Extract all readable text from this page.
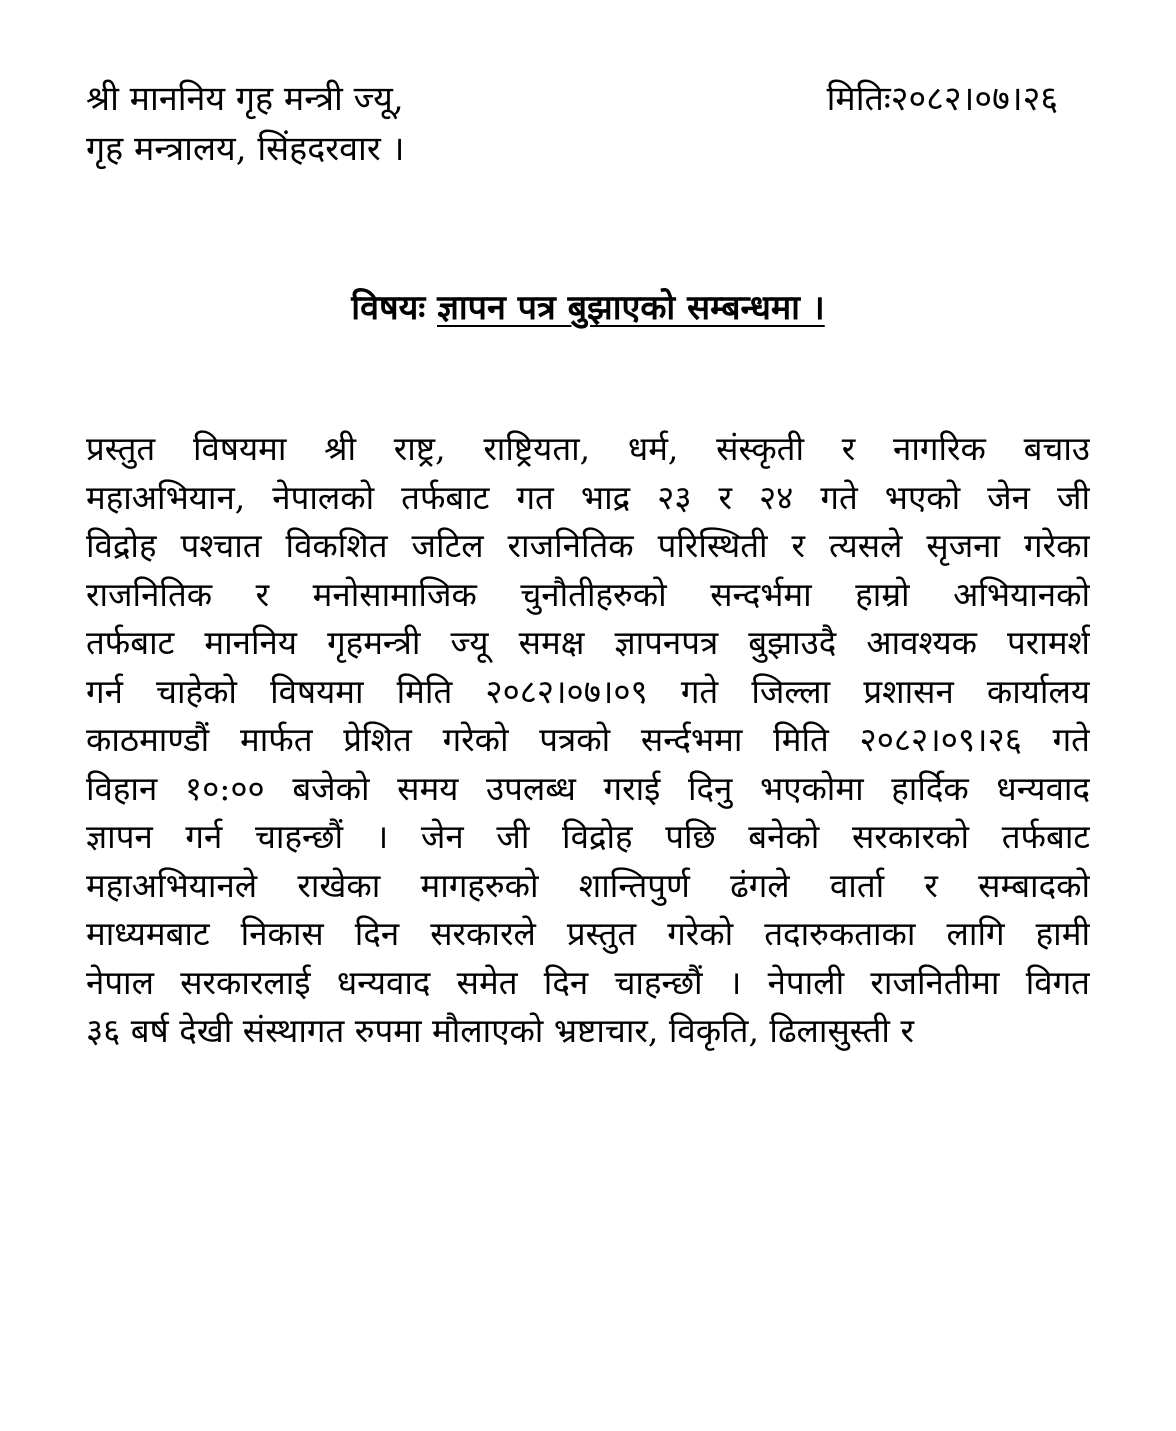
श्री माननिय गृह मन्त्री ज्यू,
गृह मन्त्रालय, सिंहदरवार ।
मितिः२०८२।०७।२६
विषयः ज्ञापन पत्र बुझाएको सम्बन्धमा ।
प्रस्तुत विषयमा श्री राष्ट्र, राष्ट्रियता, धर्म, संस्कृती र नागरिक बचाउ
महाअभियान, नेपालको तर्फबाट गत भाद्र २३ र २४ गते भएको जेन जी
विद्रोह पश्चात विकशित जटिल राजनितिक परिस्थिती र त्यसले सृजना गरेका
राजनितिक र मनोसामाजिक चुनौतीहरुको सन्दर्भमा हाम्रो अभियानको
तर्फबाट माननिय गृहमन्त्री ज्यू समक्ष ज्ञापनपत्र बुझाउदै आवश्यक परामर्श
गर्न चाहेको विषयमा मिति २०८२।०७।०९ गते जिल्ला प्रशासन कार्यालय
काठमाण्डौं मार्फत प्रेशित गरेको पत्रको सर्न्दभमा मिति २०८२।०९।२६ गते
विहान १०:०० बजेको समय उपलब्ध गराई दिनु भएकोमा हार्दिक धन्यवाद
ज्ञापन गर्न चाहन्छौं । जेन जी विद्रोह पछि बनेको सरकारको तर्फबाट
महाअभियानले राखेका मागहरुको शान्तिपुर्ण ढंगले वार्ता र सम्बादको
माध्यमबाट निकास दिन सरकारले प्रस्तुत गरेको तदारुकताका लागि हामी
नेपाल सरकारलाई धन्यवाद समेत दिन चाहन्छौं । नेपाली राजनितीमा विगत
३६ बर्ष देखी संस्थागत रुपमा मौलाएको भ्रष्टाचार, विकृति, ढिलासुस्ती र
